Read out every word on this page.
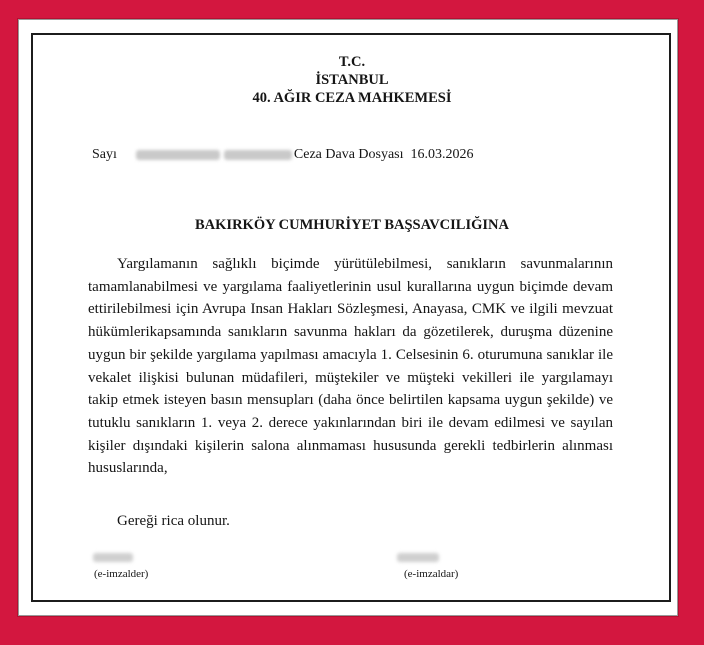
T.C.
İSTANBUL
40. AĞIR CEZA MAHKEMESİ
Sayı	Ceza Dava Dosyası 16.03.2026
BAKIRKÖY CUMHURİYET BAŞSAVCILIĞINA

Yargılamanın sağlıklı biçimde yürütülebilmesi, sanıkların savunmalarının tamamlanabilmesi ve yargılama faaliyetlerinin usul kurallarına uygun biçimde devam ettirilebilmesi için Avrupa Insan Hakları Sözleşmesi, Anayasa, CMK ve ilgili mevzuat hükümlerikapsamında sanıkların savunma hakları da gözetilerek, duruşma düzenine uygun bir şekilde yargılama yapılması amacıyla 1. Celsesinin 6. oturumuna sanıklar ile vekalet ilişkisi bulunan müdafileri, müştekiler ve müşteki vekilleri ile yargılamayı takip etmek isteyen basın mensupları (daha önce belirtilen kapsama uygun şekilde) ve tutuklu sanıkların 1. veya 2. derece yakınlarından biri ile devam edilmesi ve sayılan kişiler dışındaki kişilerin salona alınmaması hususunda gerekli tedbirlerin alınması hususlarında,

Gereği rica olunur.
(e-imzalder)	(e-imzaldar)
